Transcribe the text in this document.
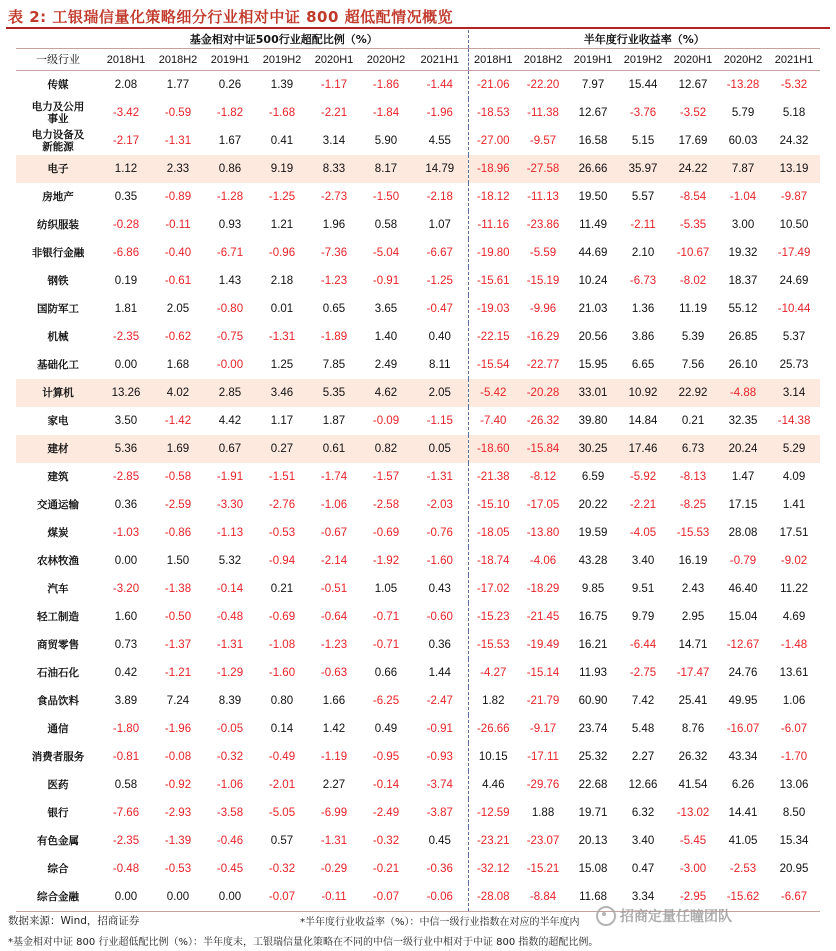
表 2: 工银瑞信量化策略细分行业相对中证 800 超低配情况概览
	基金相对中证500行业超配比例（%）							半年度行业收益率（%）						
一级行业	2018H1	2018H2	2019H1	2019H2	2020H1	2020H2	2021H1	2018H1	2018H2	2019H1	2019H2	2020H1	2020H2	2021H1
传媒	2.08	1.77	0.26	1.39	-1.17	-1.86	-1.44	-21.06	-22.20	7.97	15.44	12.67	-13.28	-5.32
电力及公用
事业	-3.42	-0.59	-1.82	-1.68	-2.21	-1.84	-1.96	-18.53	-11.38	12.67	-3.76	-3.52	5.79	5.18
电力设备及
新能源	-2.17	-1.31	1.67	0.41	3.14	5.90	4.55	-27.00	-9.57	16.58	5.15	17.69	60.03	24.32
电子	1.12	2.33	0.86	9.19	8.33	8.17	14.79	-18.96	-27.58	26.66	35.97	24.22	7.87	13.19
房地产	0.35	-0.89	-1.28	-1.25	-2.73	-1.50	-2.18	-18.12	-11.13	19.50	5.57	-8.54	-1.04	-9.87
纺织服装	-0.28	-0.11	0.93	1.21	1.96	0.58	1.07	-11.16	-23.86	11.49	-2.11	-5.35	3.00	10.50
非银行金融	-6.86	-0.40	-6.71	-0.96	-7.36	-5.04	-6.67	-19.80	-5.59	44.69	2.10	-10.67	19.32	-17.49
钢铁	0.19	-0.61	1.43	2.18	-1.23	-0.91	-1.25	-15.61	-15.19	10.24	-6.73	-8.02	18.37	24.69
国防军工	1.81	2.05	-0.80	0.01	0.65	3.65	-0.47	-19.03	-9.96	21.03	1.36	11.19	55.12	-10.44
机械	-2.35	-0.62	-0.75	-1.31	-1.89	1.40	0.40	-22.15	-16.29	20.56	3.86	5.39	26.85	5.37
基础化工	0.00	1.68	-0.00	1.25	7.85	2.49	8.11	-15.54	-22.77	15.95	6.65	7.56	26.10	25.73
计算机	13.26	4.02	2.85	3.46	5.35	4.62	2.05	-5.42	-20.28	33.01	10.92	22.92	-4.88	3.14
家电	3.50	-1.42	4.42	1.17	1.87	-0.09	-1.15	-7.40	-26.32	39.80	14.84	0.21	32.35	-14.38
建材	5.36	1.69	0.67	0.27	0.61	0.82	0.05	-18.60	-15.84	30.25	17.46	6.73	20.24	5.29
建筑	-2.85	-0.58	-1.91	-1.51	-1.74	-1.57	-1.31	-21.38	-8.12	6.59	-5.92	-8.13	1.47	4.09
交通运输	0.36	-2.59	-3.30	-2.76	-1.06	-2.58	-2.03	-15.10	-17.05	20.22	-2.21	-8.25	17.15	1.41
煤炭	-1.03	-0.86	-1.13	-0.53	-0.67	-0.69	-0.76	-18.05	-13.80	19.59	-4.05	-15.53	28.08	17.51
农林牧渔	0.00	1.50	5.32	-0.94	-2.14	-1.92	-1.60	-18.74	-4.06	43.28	3.40	16.19	-0.79	-9.02
汽车	-3.20	-1.38	-0.14	0.21	-0.51	1.05	0.43	-17.02	-18.29	9.85	9.51	2.43	46.40	11.22
轻工制造	1.60	-0.50	-0.48	-0.69	-0.64	-0.71	-0.60	-15.23	-21.45	16.75	9.79	2.95	15.04	4.69
商贸零售	0.73	-1.37	-1.31	-1.08	-1.23	-0.71	0.36	-15.53	-19.49	16.21	-6.44	14.71	-12.67	-1.48
石油石化	0.42	-1.21	-1.29	-1.60	-0.63	0.66	1.44	-4.27	-15.14	11.93	-2.75	-17.47	24.76	13.61
食品饮料	3.89	7.24	8.39	0.80	1.66	-6.25	-2.47	1.82	-21.79	60.90	7.42	25.41	49.95	1.06
通信	-1.80	-1.96	-0.05	0.14	1.42	0.49	-0.91	-26.66	-9.17	23.74	5.48	8.76	-16.07	-6.07
消费者服务	-0.81	-0.08	-0.32	-0.49	-1.19	-0.95	-0.93	10.15	-17.11	25.32	2.27	26.32	43.34	-1.70
医药	0.58	-0.92	-1.06	-2.01	2.27	-0.14	-3.74	4.46	-29.76	22.68	12.66	41.54	6.26	13.06
银行	-7.66	-2.93	-3.58	-5.05	-6.99	-2.49	-3.87	-12.59	1.88	19.71	6.32	-13.02	14.41	8.50
有色金属	-2.35	-1.39	-0.46	0.57	-1.31	-0.32	0.45	-23.21	-23.07	20.13	3.40	-5.45	41.05	15.34
综合	-0.48	-0.53	-0.45	-0.32	-0.29	-0.21	-0.36	-32.12	-15.21	15.08	0.47	-3.00	-2.53	20.95
综合金融	0.00	0.00	0.00	-0.07	-0.11	-0.07	-0.06	-28.08	-8.84	11.68	3.34	-2.95	-15.62	-6.67
数据来源：Wind，招商证券	*半年度行业收益率（%）：中信一级行业指数在对应的半年度内
*基金相对中证 800 行业超低配比例（%）：半年度末，工银瑞信量化策略在不同的中信一级行业中相对于中证 800 指数的超配比例。
招商定量任瞳团队
